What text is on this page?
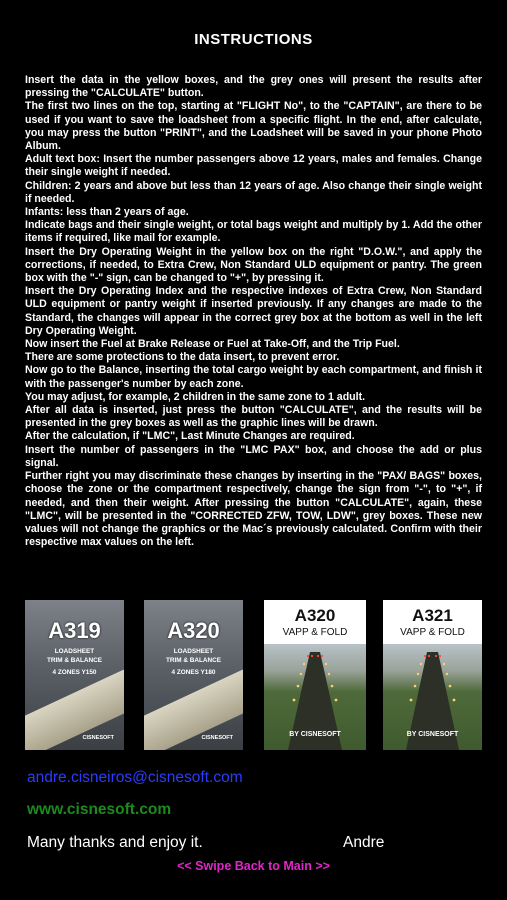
INSTRUCTIONS

Insert the data in the yellow boxes, and the grey ones will present the results after pressing the "CALCULATE" button.

The first two lines on the top, starting at "FLIGHT No", to the "CAPTAIN", are there to be used if you want to save the loadsheet from a specific flight. In the end, after calculate, you may press the button "PRINT", and the Loadsheet will be saved in your phone Photo Album.

Adult text box: Insert the number passengers above 12 years, males and females. Change their single weight if needed.

Children: 2 years and above but less than 12 years of age. Also change their single weight if needed.

Infants: less than 2 years of age.

Indicate bags and their single weight, or total bags weight and multiply by 1. Add the other items if required, like mail for example.

Insert the Dry Operating Weight in the yellow box on the right "D.O.W.", and apply the corrections, if needed, to Extra Crew, Non Standard ULD equipment or pantry. The green box with the "-" sign, can be changed to "+", by pressing it.

Insert the Dry Operating Index and the respective indexes of Extra Crew, Non Standard ULD equipment or pantry weight if inserted previously. If any changes are made to the Standard, the changes will appear in the correct grey box at the bottom as well in the left Dry Operating Weight.

Now insert the Fuel at Brake Release or Fuel at Take-Off, and the Trip Fuel.

There are some protections to the data insert, to prevent error.

Now go to the Balance, inserting the total cargo weight by each compartment, and finish it with the passenger's number by each zone.

You may adjust, for example, 2 children in the same zone to 1 adult.

After all data is inserted, just press the button "CALCULATE", and the results will be presented in the grey boxes as well as the graphic lines will be drawn.

After the calculation, if "LMC", Last Minute Changes are required.

Insert the number of passengers in the "LMC PAX" box, and choose the add or plus signal.

Further right you may discriminate these changes by inserting in the "PAX/ BAGS" boxes, choose the zone or the compartment respectively, change the sign from "-", to "+", if needed, and then their weight. After pressing the button "CALCULATE", again, these "LMC", will be presented in the "CORRECTED ZFW, TOW, LDW", grey boxes. These new values will not change the graphics or the Mac´s previously calculated. Confirm with their respective max values on the left.

A319
LOADSHEET
TRIM & BALANCE
4 ZONES Y150
CISNESOFT
A320
LOADSHEET
TRIM & BALANCE
4 ZONES Y180
CISNESOFT
A320
VAPP & FOLD
BY CISNESOFT
A321
VAPP & FOLD
BY CISNESOFT
andre.cisneiros@cisnesoft.com
www.cisnesoft.com
Many thanks and enjoy it.	Andre
<< Swipe Back to Main >>
